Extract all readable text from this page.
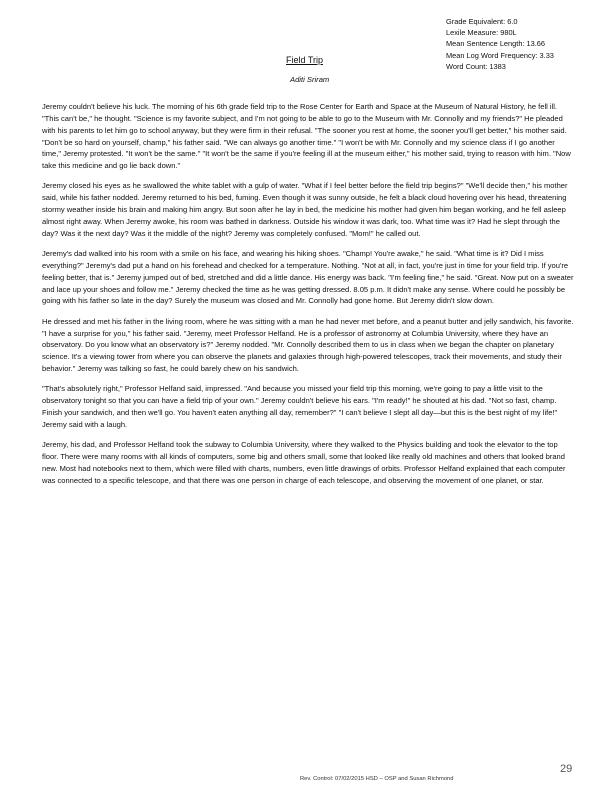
Grade Equivalent: 6.0
Lexile Measure: 980L
Mean Sentence Length: 13.66
Mean Log Word Frequency: 3.33
Word Count: 1383
Field Trip
Aditi Sriram

Jeremy couldn't believe his luck. The morning of his 6th grade field trip to the Rose Center for Earth and Space at the Museum of Natural History, he fell ill. "This can't be," he thought. "Science is my favorite subject, and I'm not going to be able to go to the Museum with Mr. Connolly and my friends?" He pleaded with his parents to let him go to school anyway, but they were firm in their refusal. "The sooner you rest at home, the sooner you'll get better," his mother said. "Don't be so hard on yourself, champ," his father said. "We can always go another time." "I won't be with Mr. Connolly and my science class if I go another time," Jeremy protested. "It won't be the same." "It won't be the same if you're feeling ill at the museum either," his mother said, trying to reason with him. "Now take this medicine and go lie back down."

Jeremy closed his eyes as he swallowed the white tablet with a gulp of water. "What if I feel better before the field trip begins?" "We'll decide then," his mother said, while his father nodded. Jeremy returned to his bed, fuming. Even though it was sunny outside, he felt a black cloud hovering over his head, threatening stormy weather inside his brain and making him angry. But soon after he lay in bed, the medicine his mother had given him began working, and he fell asleep almost right away. When Jeremy awoke, his room was bathed in darkness. Outside his window it was dark, too. What time was it? Had he slept through the day? Was it the next day? Was it the middle of the night? Jeremy was completely confused. "Mom!" he called out.

Jeremy's dad walked into his room with a smile on his face, and wearing his hiking shoes. "Champ! You're awake," he said. "What time is it? Did I miss everything?" Jeremy's dad put a hand on his forehead and checked for a temperature. Nothing. "Not at all, in fact, you're just in time for your field trip. If you're feeling better, that is." Jeremy jumped out of bed, stretched and did a little dance. His energy was back. "I'm feeling fine," he said. "Great. Now put on a sweater and lace up your shoes and follow me." Jeremy checked the time as he was getting dressed. 8.05 p.m. It didn't make any sense. Where could he possibly be going with his father so late in the day? Surely the museum was closed and Mr. Connolly had gone home. But Jeremy didn't slow down.

He dressed and met his father in the living room, where he was sitting with a man he had never met before, and a peanut butter and jelly sandwich, his favorite. "I have a surprise for you," his father said. "Jeremy, meet Professor Helfand. He is a professor of astronomy at Columbia University, where they have an observatory. Do you know what an observatory is?" Jeremy nodded. "Mr. Connolly described them to us in class when we began the chapter on planetary science. It's a viewing tower from where you can observe the planets and galaxies through high-powered telescopes, track their movements, and study their behavior." Jeremy was talking so fast, he could barely chew on his sandwich.

"That's absolutely right," Professor Helfand said, impressed. "And because you missed your field trip this morning, we're going to pay a little visit to the observatory tonight so that you can have a field trip of your own." Jeremy couldn't believe his ears. "I'm ready!" he shouted at his dad. "Not so fast, champ. Finish your sandwich, and then we'll go. You haven't eaten anything all day, remember?" "I can't believe I slept all day—but this is the best night of my life!" Jeremy said with a laugh.

Jeremy, his dad, and Professor Helfand took the subway to Columbia University, where they walked to the Physics building and took the elevator to the top floor. There were many rooms with all kinds of computers, some big and others small, some that looked like really old machines and others that looked brand new. Most had notebooks next to them, which were filled with charts, numbers, even little drawings of orbits. Professor Helfand explained that each computer was connected to a specific telescope, and that there was one person in charge of each telescope, and observing the movement of one planet, or star.

29
Rev. Control: 07/02/2015 HSD – OSP and Susan Richmond
